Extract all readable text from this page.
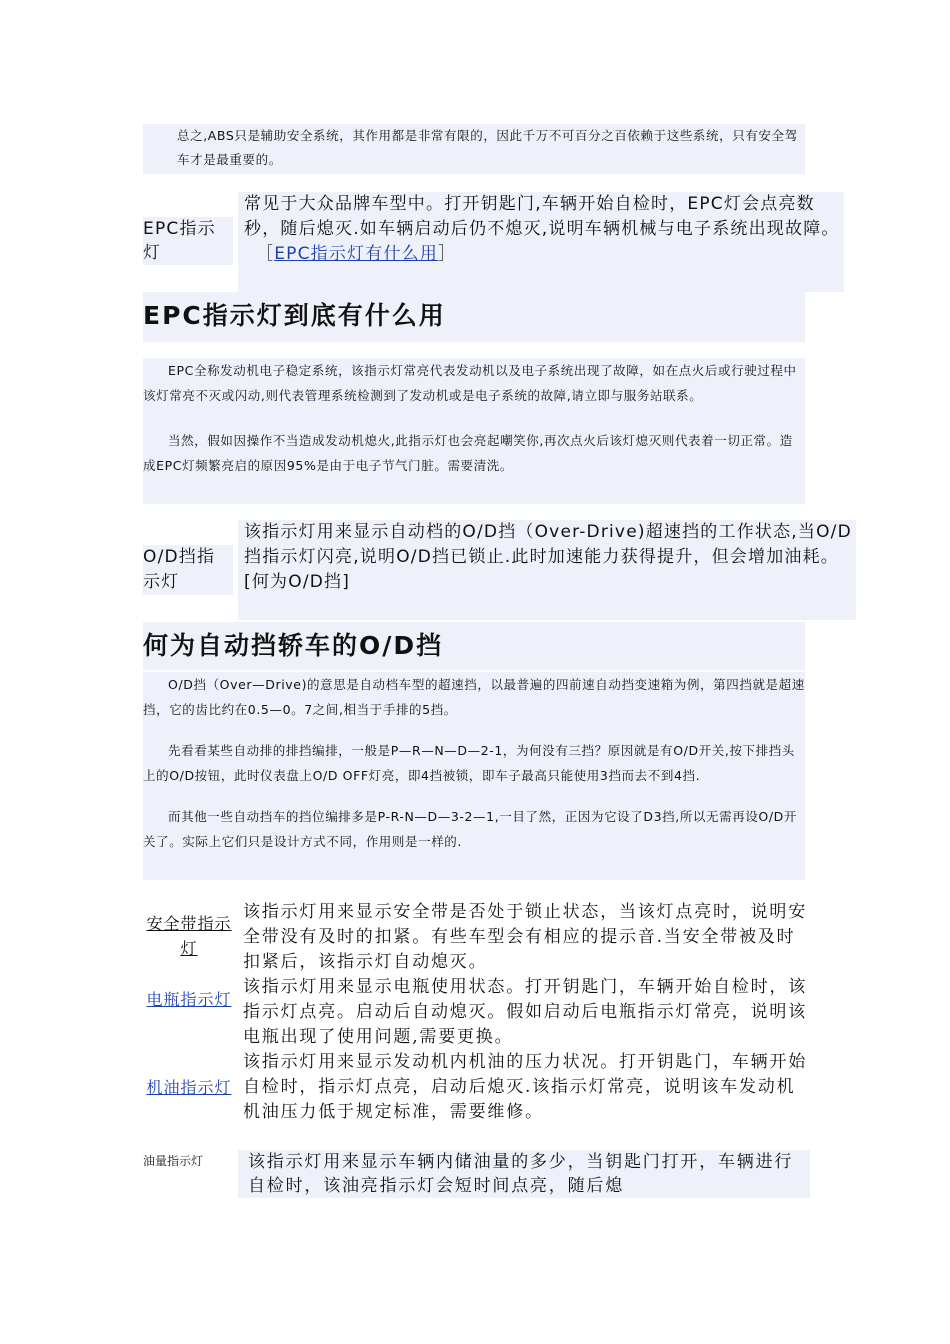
总之,ABS只是辅助安全系统，其作用都是非常有限的，因此千万不可百分之百依赖于这些系统，只有安全驾车才是最重要的。
EPC指示灯
常见于大众品牌车型中。打开钥匙门,车辆开始自检时，EPC灯会点亮数秒，随后熄灭.如车辆启动后仍不熄灭,说明车辆机械与电子系统出现故障。
［EPC指示灯有什么用］
EPC指示灯到底有什么用

EPC全称发动机电子稳定系统，该指示灯常亮代表发动机以及电子系统出现了故障，如在点火后或行驶过程中该灯常亮不灭或闪动,则代表管理系统检测到了发动机或是电子系统的故障,请立即与服务站联系。

当然，假如因操作不当造成发动机熄火,此指示灯也会亮起嘲笑你,再次点火后该灯熄灭则代表着一切正常。造成EPC灯频繁亮启的原因95%是由于电子节气门脏。需要清洗。

O/D挡指示灯
该指示灯用来显示自动档的O/D挡（Over-Drive)超速挡的工作状态,当O/D挡指示灯闪亮,说明O/D挡已锁止.此时加速能力获得提升，但会增加油耗。
[何为O/D挡]
何为自动挡轿车的O/D挡

O/D挡（Over—Drive)的意思是自动档车型的超速挡，以最普遍的四前速自动挡变速箱为例，第四挡就是超速挡，它的齿比约在0.5—0。7之间,相当于手排的5挡。

先看看某些自动排的排挡编排，一般是P—R—N—D—2-1，为何没有三挡？原因就是有O/D开关,按下排挡头上的O/D按钮，此时仪表盘上O/D OFF灯亮，即4挡被锁，即车子最高只能使用3挡而去不到4挡.

而其他一些自动挡车的挡位编排多是P-R-N—D—3-2—1,一目了然，正因为它设了D3挡,所以无需再设O/D开关了。实际上它们只是设计方式不同，作用则是一样的.

安全带指示灯
该指示灯用来显示安全带是否处于锁止状态，当该灯点亮时，说明安全带没有及时的扣紧。有些车型会有相应的提示音.当安全带被及时扣紧后，该指示灯自动熄灭。
电瓶指示灯
该指示灯用来显示电瓶使用状态。打开钥匙门，车辆开始自检时，该指示灯点亮。启动后自动熄灭。假如启动后电瓶指示灯常亮，说明该电瓶出现了使用问题,需要更换。
机油指示灯
该指示灯用来显示发动机内机油的压力状况。打开钥匙门，车辆开始自检时，指示灯点亮，启动后熄灭.该指示灯常亮，说明该车发动机机油压力低于规定标准，需要维修。
油量指示灯	该指示灯用来显示车辆内储油量的多少，当钥匙门打开，车辆进行自检时，该油亮指示灯会短时间点亮，随后熄
